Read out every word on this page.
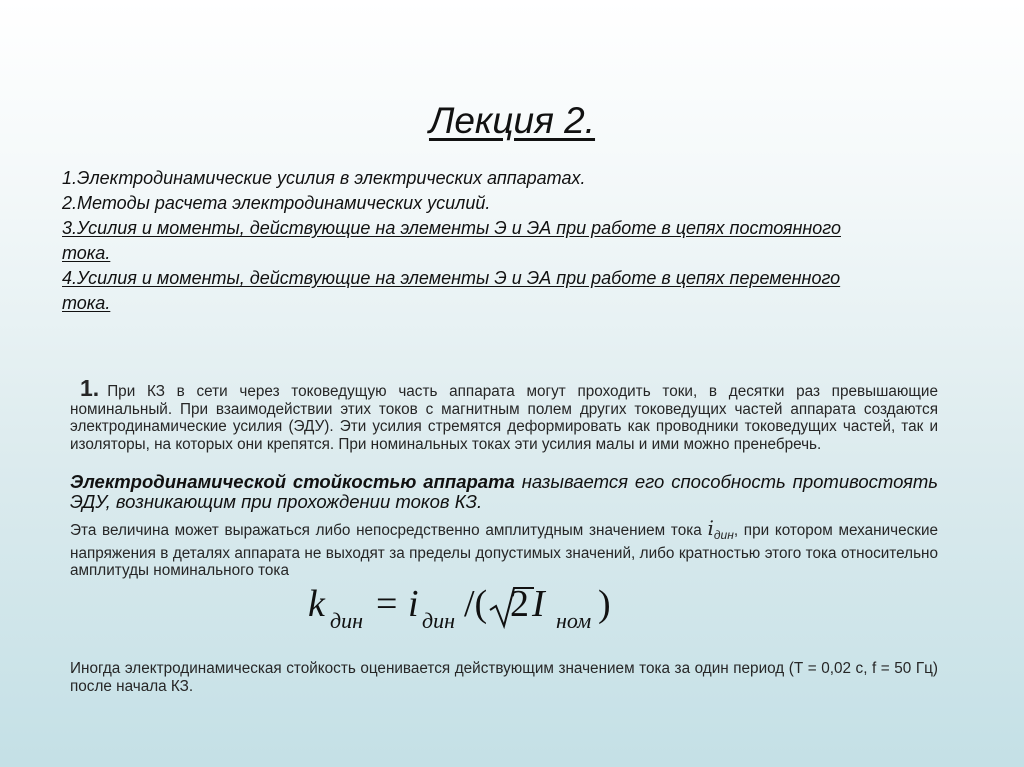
Лекция 2.
1.Электродинамические усилия в электрических аппаратах.
2.Методы расчета электродинамических усилий.
3.Усилия и моменты, действующие на элементы Э и ЭА при работе в цепях постоянного
тока.
4.Усилия и моменты, действующие на элементы Э и ЭА при работе в цепях переменного
тока.
1. При КЗ в сети через токоведущую часть аппарата могут проходить токи, в десятки раз превышающие номинальный. При взаимодействии этих токов с магнитным полем других токоведущих частей аппарата создаются электродинамические усилия (ЭДУ). Эти усилия стремятся деформировать как проводники токоведущих частей, так и изоляторы, на которых они крепятся. При номинальных токах эти усилия малы и ими можно пренебречь.
Электродинамической стойкостью аппарата называется его способность противостоять ЭДУ, возникающим при прохождении токов КЗ.
Эта величина может выражаться либо непосредственно амплитудным значением тока $i_{дин}$, при котором механические напряжения в деталях аппарата не выходят за пределы допустимых значений, либо кратностью этого тока относительно амплитуды номинального тока
k дин = i дин /( 2 I ном )
Иногда электродинамическая стойкость оценивается действующим значением тока за один период (Т = 0,02 с, f = 50 Гц) после начала КЗ.
